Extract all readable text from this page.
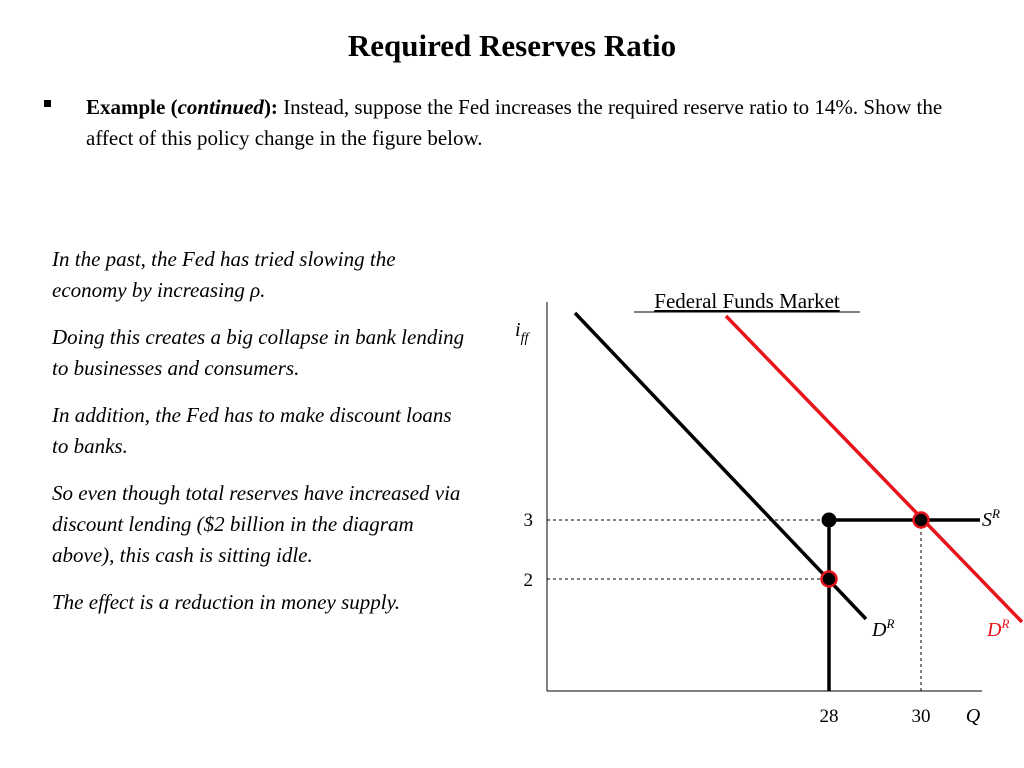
Required Reserves Ratio
Example (continued): Instead, suppose the Fed increases the required reserve ratio to 14%. Show the affect of this policy change in the figure below.

In the past, the Fed has tried slowing the economy by increasing ρ.

Doing this creates a big collapse in bank lending to businesses and consumers.

In addition, the Fed has to make discount loans to banks.

So even though total reserves have increased via discount lending ($2 billion in the diagram above), this cash is sitting idle.

The effect is a reduction in money supply.

Federal Funds Market
$i_{ff}$
3
2
28	30 Q
$S^R$
$D^R$	$D^R$
